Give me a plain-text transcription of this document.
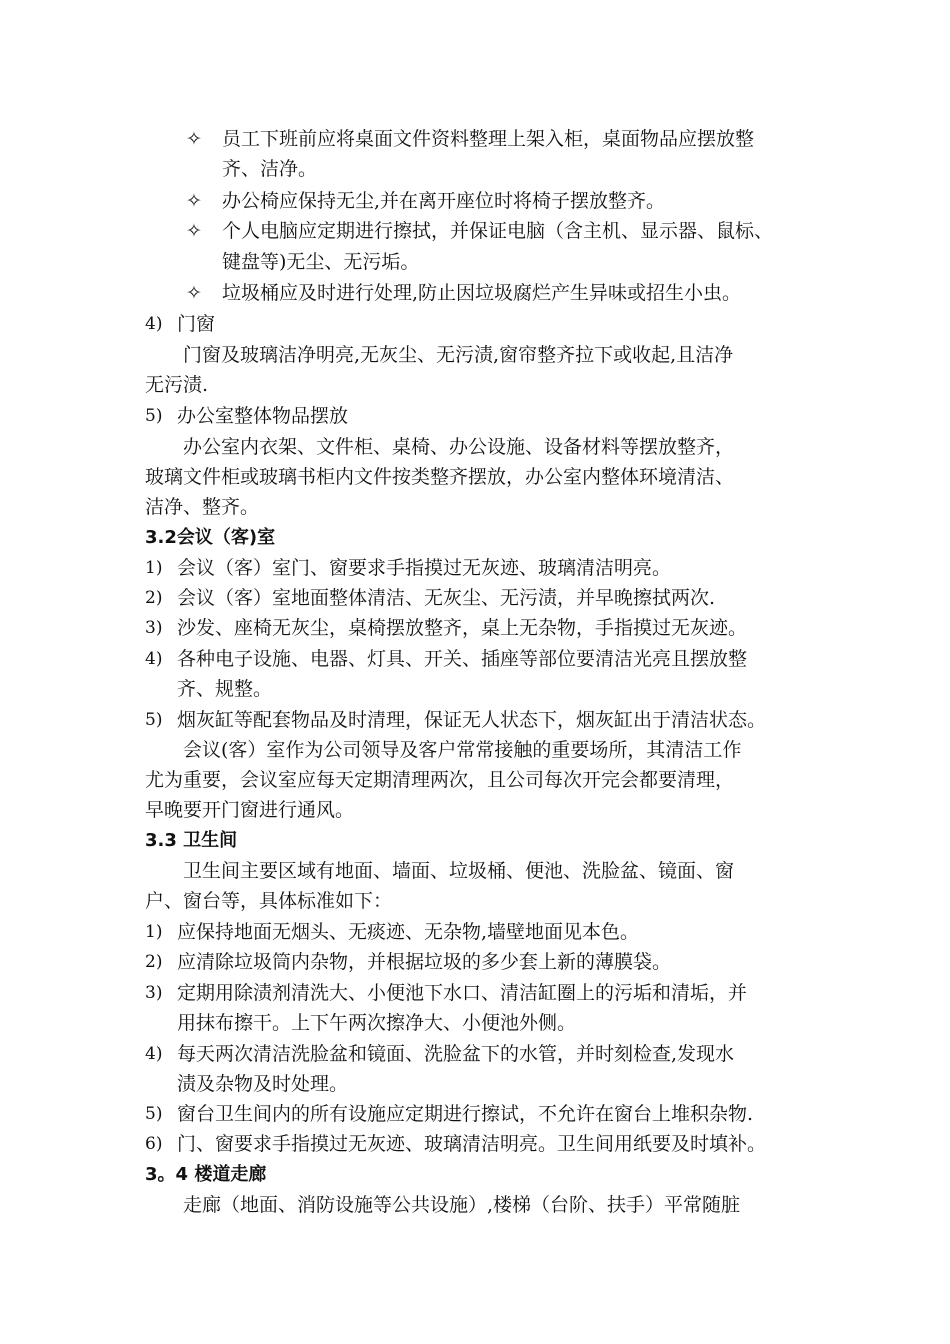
✧ 员工下班前应将桌面文件资料整理上架入柜，桌面物品应摆放整
齐、洁净。
✧ 办公椅应保持无尘,并在离开座位时将椅子摆放整齐。
✧ 个人电脑应定期进行擦拭，并保证电脑（含主机、显示器、鼠标、
键盘等)无尘、无污垢。
✧ 垃圾桶应及时进行处理,防止因垃圾腐烂产生异味或招生小虫。
4) 门窗
门窗及玻璃洁净明亮,无灰尘、无污渍,窗帘整齐拉下或收起,且洁净
无污渍.
5) 办公室整体物品摆放
办公室内衣架、文件柜、桌椅、办公设施、设备材料等摆放整齐，
玻璃文件柜或玻璃书柜内文件按类整齐摆放，办公室内整体环境清洁、
洁净、整齐。
3.2会议（客)室
1) 会议（客）室门、窗要求手指摸过无灰迹、玻璃清洁明亮。
2) 会议（客）室地面整体清洁、无灰尘、无污渍，并早晚擦拭两次.
3) 沙发、座椅无灰尘，桌椅摆放整齐，桌上无杂物，手指摸过无灰迹。
4) 各种电子设施、电器、灯具、开关、插座等部位要清洁光亮且摆放整
齐、规整。
5) 烟灰缸等配套物品及时清理，保证无人状态下，烟灰缸出于清洁状态。
会议(客）室作为公司领导及客户常常接触的重要场所，其清洁工作
尤为重要，会议室应每天定期清理两次，且公司每次开完会都要清理，
早晚要开门窗进行通风。
3.3 卫生间
卫生间主要区域有地面、墙面、垃圾桶、便池、洗脸盆、镜面、窗
户、窗台等，具体标准如下：
1) 应保持地面无烟头、无痰迹、无杂物,墙壁地面见本色。
2) 应清除垃圾筒内杂物，并根据垃圾的多少套上新的薄膜袋。
3) 定期用除渍剂清洗大、小便池下水口、清洁缸圈上的污垢和清垢，并
用抹布擦干。上下午两次擦净大、小便池外侧。
4) 每天两次清洁洗脸盆和镜面、洗脸盆下的水管，并时刻检查,发现水
渍及杂物及时处理。
5) 窗台卫生间内的所有设施应定期进行擦试，不允许在窗台上堆积杂物.
6) 门、窗要求手指摸过无灰迹、玻璃清洁明亮。卫生间用纸要及时填补。
3。4 楼道走廊
走廊（地面、消防设施等公共设施）,楼梯（台阶、扶手）平常随脏
